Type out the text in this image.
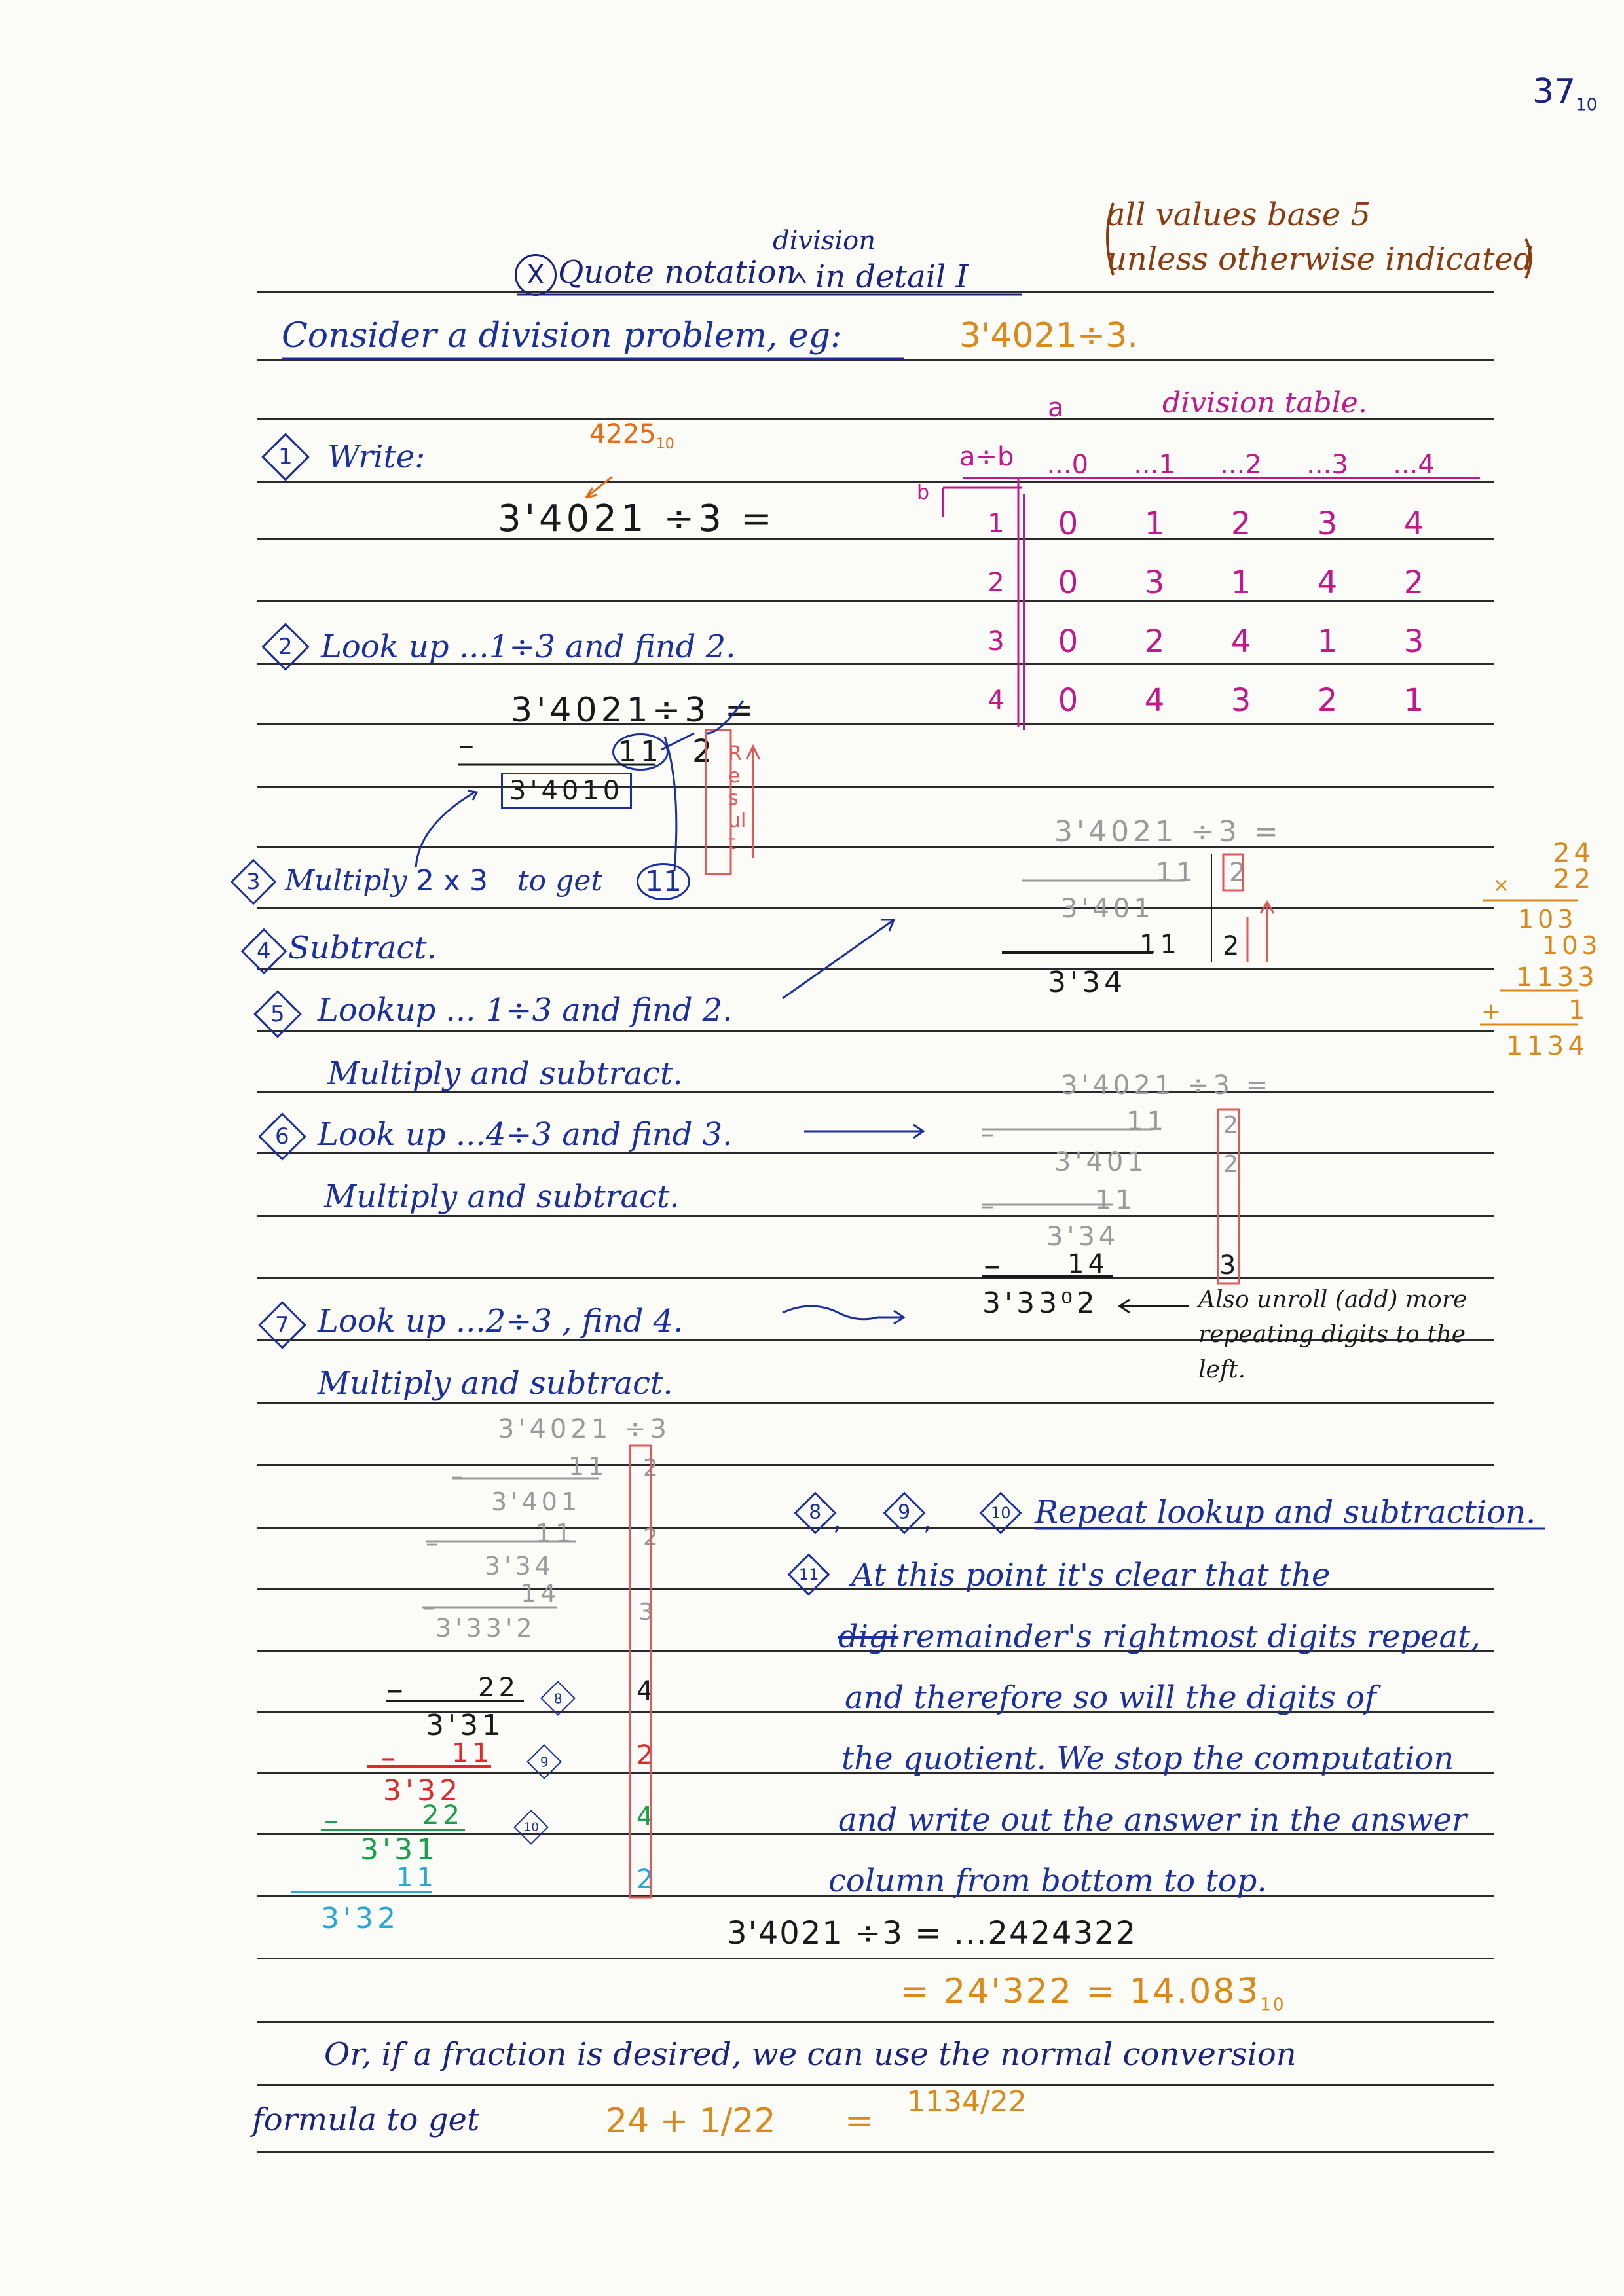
$37_{10}$
all values base 5
unless otherwise indicated
division
X Quote notation in detail I
Consider a division problem, eg:	3'4021÷3.
1	Write:
$4225_{10}$
3'4021 ÷3 =
a	division table.
a÷b
b
	...0	...1	...2	...3	...4
1	0	1	2	3	4
2	0	3	1	4	2
3	0	2	4	1	3
4	0	4	3	2	1
2 Look up ...1÷3 and find 2.
3'4021÷3 =
–	11 2
3'4010
Result
3 Multiply 2 x 3 to get 11
4 Subtract.
5	Lookup ... 1÷3 and find 2.
Multiply and subtract.
6 Look up ...4÷3 and find 3.
Multiply and subtract.
7 Look up ...2÷3 , find 4.
Multiply and subtract.
3'4021 ÷3 =
11
3'401
11
3'34
2
2
3'4021 ÷3 =
11
3'401
11
3'34
14
3'33⁰2
2
2
3
Also unroll (add) more
repeating digits to the
left.
24
× 22
103
103
1133
+	1
1134
3'4021 ÷3
11
3'401
11
3'34
14
3'33'2
22
3'31
11
3'32
22
3'31
11
3'32
2
2
3
4
2
4
2
8
9
10
8 ,	9 ,	10 Repeat lookup and subtraction.
11	At this point it's clear that the
digi remainder's rightmost digits repeat,
and therefore so will the digits of
the quotient. We stop the computation
and write out the answer in the answer
column from bottom to top.
3'4021 ÷3 = ...2424322
= $24'322 = 14.083̄_{10}$
Or, if a fraction is desired, we can use the normal conversion
formula to get	24 + 1/22 = 1134/22
–
–
–
–
–
–
–
–
–
